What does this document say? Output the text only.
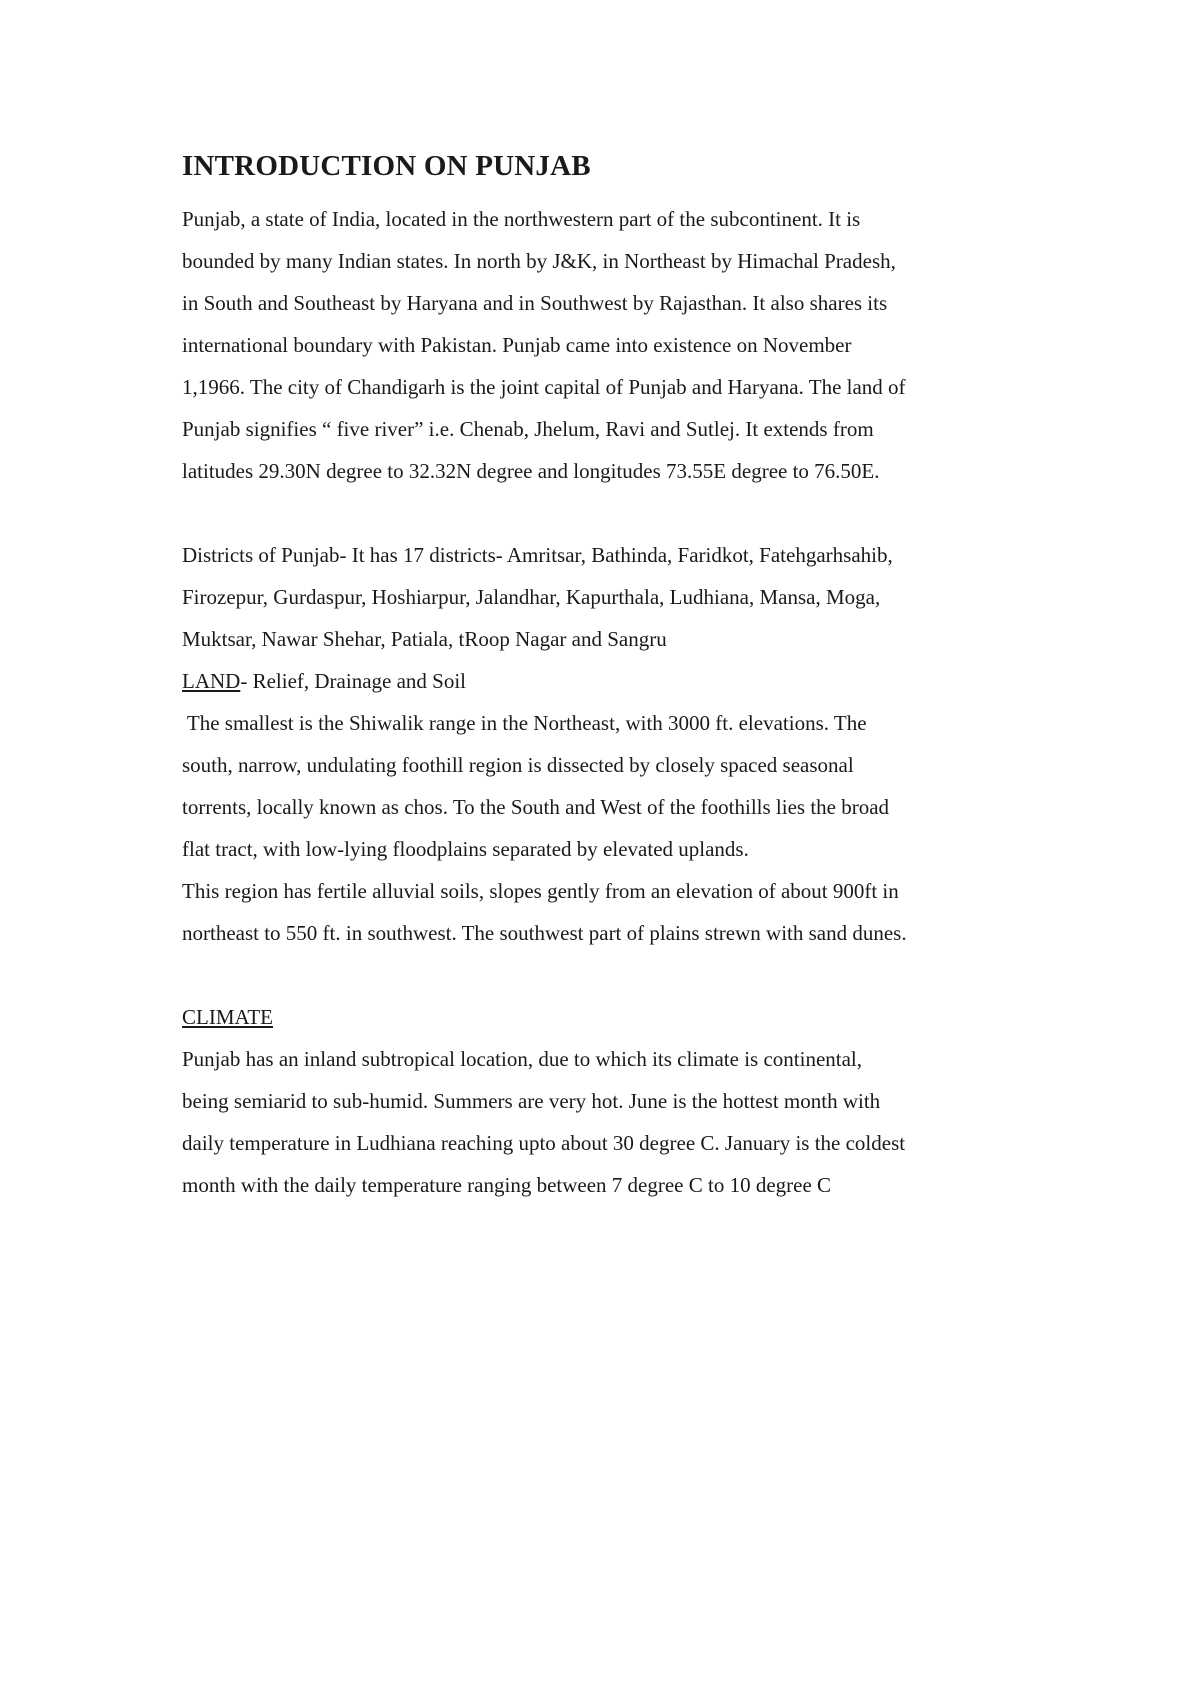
INTRODUCTION ON PUNJAB

Punjab, a state of India, located in the northwestern part of the subcontinent. It is

bounded by many Indian states. In north by J&K, in Northeast by Himachal Pradesh,

in South and Southeast by Haryana and in Southwest by Rajasthan. It also shares its

international boundary with Pakistan. Punjab came into existence on November

1,1966. The city of Chandigarh is the joint capital of Punjab and Haryana. The land of

Punjab signifies “ five river” i.e. Chenab, Jhelum, Ravi and Sutlej. It extends from

latitudes 29.30N degree to 32.32N degree and longitudes 73.55E degree to 76.50E.

Districts of Punjab- It has 17 districts- Amritsar, Bathinda, Faridkot, Fatehgarhsahib,

Firozepur, Gurdaspur, Hoshiarpur, Jalandhar, Kapurthala, Ludhiana, Mansa, Moga,

Muktsar, Nawar Shehar, Patiala, tRoop Nagar and Sangru

LAND- Relief, Drainage and Soil

The smallest is the Shiwalik range in the Northeast, with 3000 ft. elevations. The

south, narrow, undulating foothill region is dissected by closely spaced seasonal

torrents, locally known as chos. To the South and West of the foothills lies the broad

flat tract, with low-lying floodplains separated by elevated uplands.

This region has fertile alluvial soils, slopes gently from an elevation of about 900ft in

northeast to 550 ft. in southwest. The southwest part of plains strewn with sand dunes.

CLIMATE

Punjab has an inland subtropical location, due to which its climate is continental,

being semiarid to sub-humid. Summers are very hot. June is the hottest month with

daily temperature in Ludhiana reaching upto about 30 degree C. January is the coldest

month with the daily temperature ranging between 7 degree C to 10 degree C
